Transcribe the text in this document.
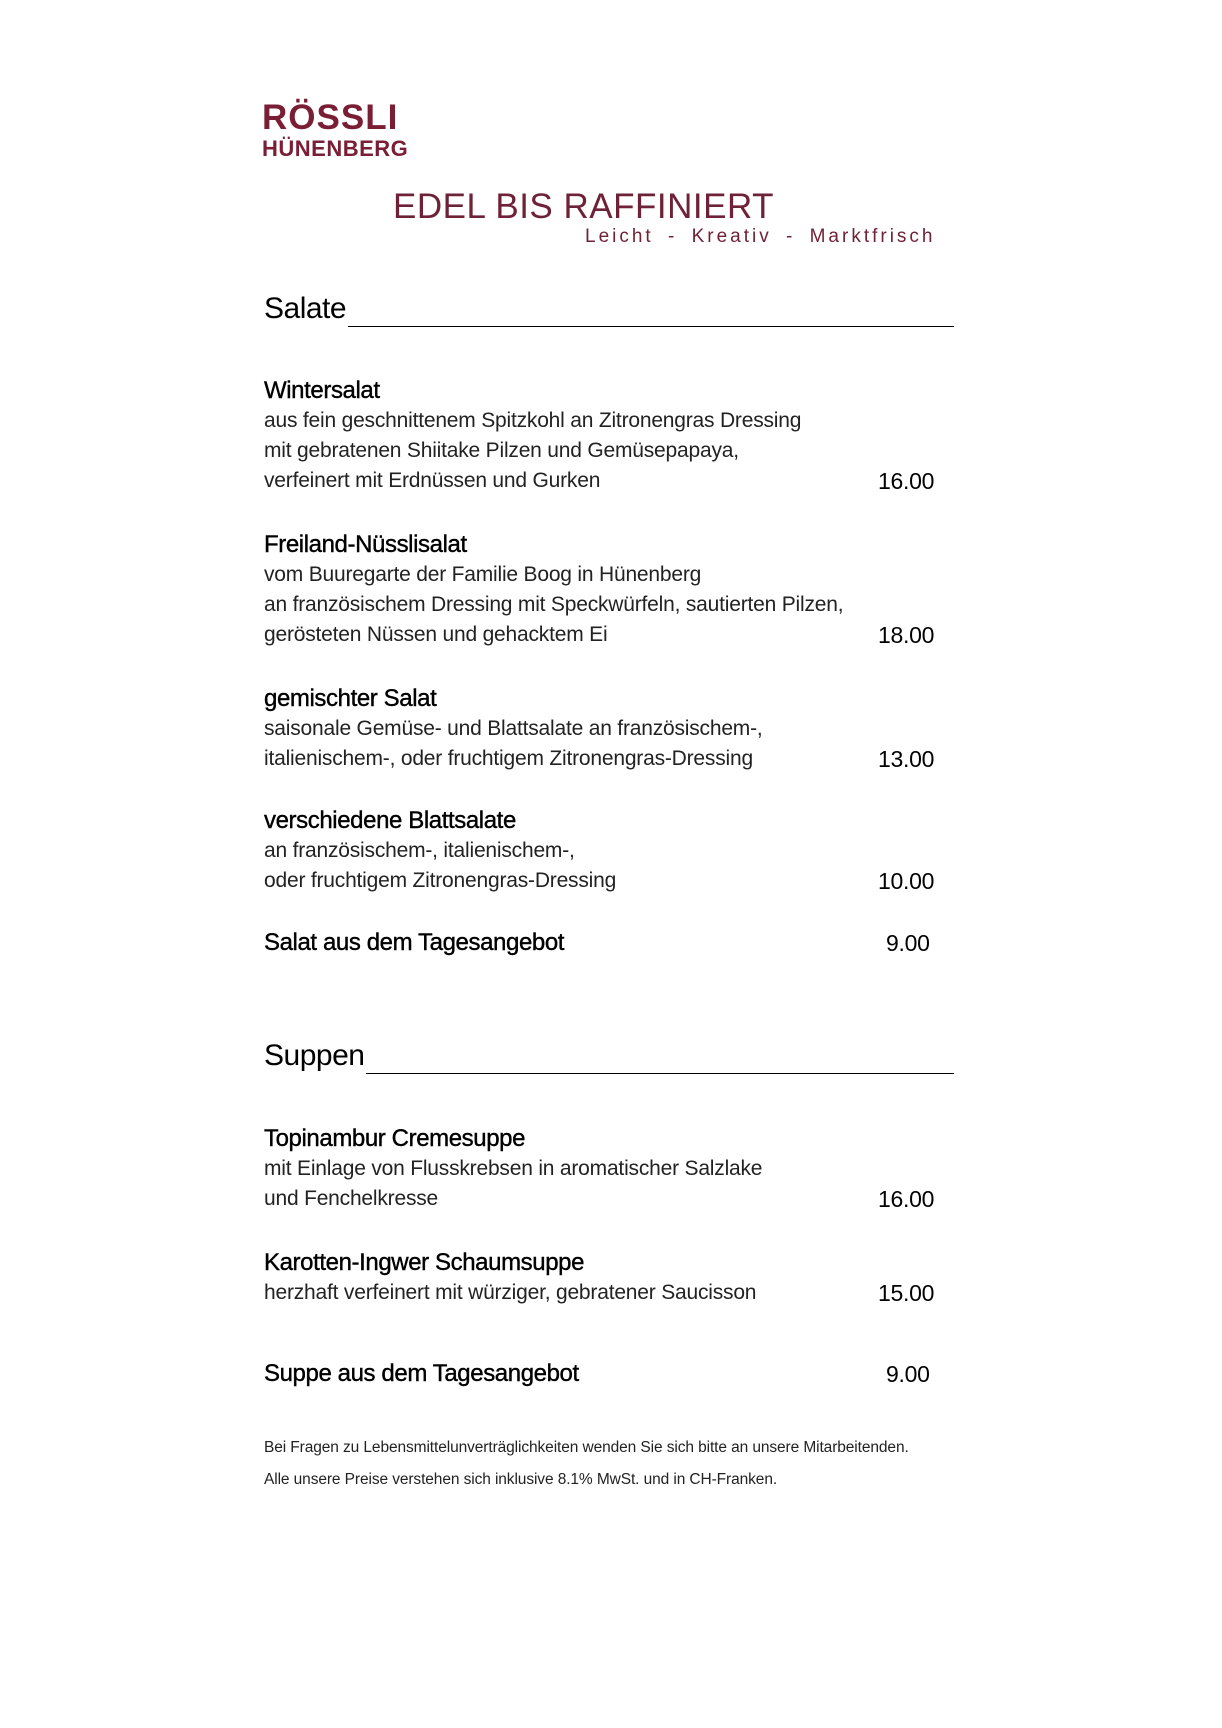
RÖSSLI
HÜNENBERG
EDEL BIS RAFFINIERT
Leicht - Kreativ - Marktfrisch
Salate
Wintersalat
aus fein geschnittenem Spitzkohl an Zitronengras Dressing
mit gebratenen Shiitake Pilzen und Gemüsepapaya,
verfeinert mit Erdnüssen und Gurken	16.00
Freiland-Nüsslisalat
vom Buuregarte der Familie Boog in Hünenberg
an französischem Dressing mit Speckwürfeln, sautierten Pilzen,
gerösteten Nüssen und gehacktem Ei	18.00
gemischter Salat
saisonale Gemüse- und Blattsalate an französischem-,
italienischem-, oder fruchtigem Zitronengras-Dressing	13.00
verschiedene Blattsalate
an französischem-, italienischem-,
oder fruchtigem Zitronengras-Dressing	10.00
Salat aus dem Tagesangebot	9.00
Suppen
Topinambur Cremesuppe
mit Einlage von Flusskrebsen in aromatischer Salzlake
und Fenchelkresse	16.00
Karotten-Ingwer Schaumsuppe
herzhaft verfeinert mit würziger, gebratener Saucisson	15.00
Suppe aus dem Tagesangebot	9.00
Bei Fragen zu Lebensmittelunverträglichkeiten wenden Sie sich bitte an unsere Mitarbeitenden.
Alle unsere Preise verstehen sich inklusive 8.1% MwSt. und in CH-Franken.
